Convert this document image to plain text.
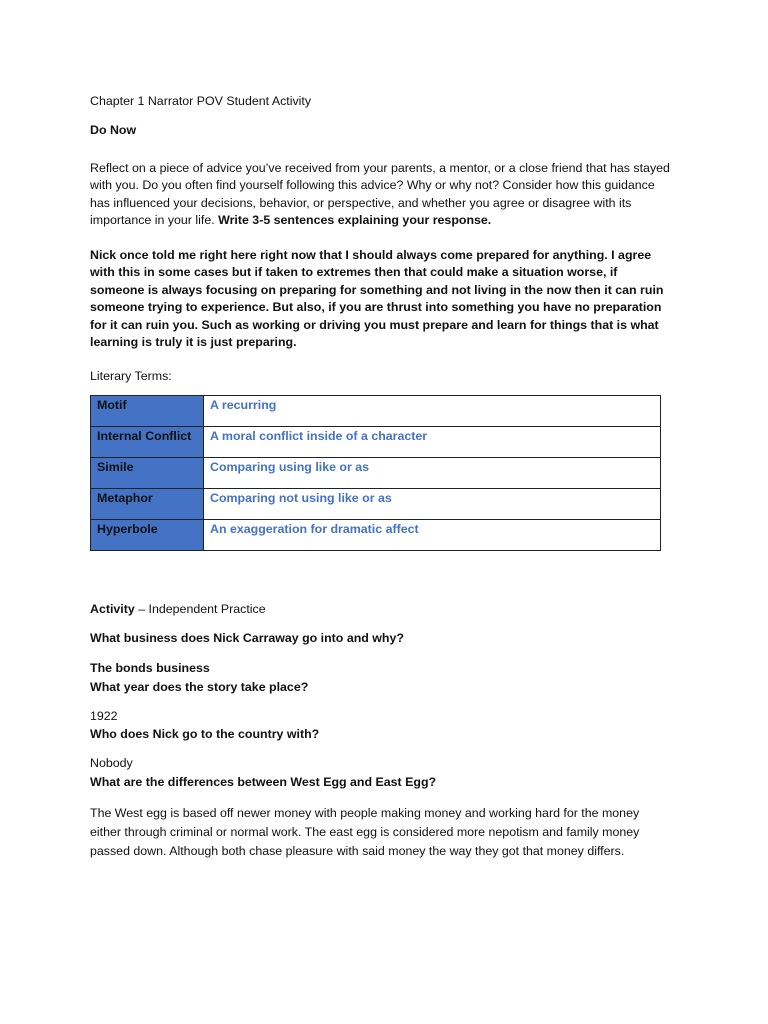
Chapter 1 Narrator POV Student Activity
Do Now
Reflect on a piece of advice you’ve received from your parents, a mentor, or a close friend that has stayed with you. Do you often find yourself following this advice? Why or why not? Consider how this guidance has influenced your decisions, behavior, or perspective, and whether you agree or disagree with its importance in your life. Write 3-5 sentences explaining your response.
Nick once told me right here right now that I should always come prepared for anything. I agree with this in some cases but if taken to extremes then that could make a situation worse, if someone is always focusing on preparing for something and not living in the now then it can ruin someone trying to experience. But also, if you are thrust into something you have no preparation for it can ruin you. Such as working or driving you must prepare and learn for things that is what learning is truly it is just preparing.
Literary Terms:
Motif	A recurring
Internal Conflict	A moral conflict inside of a character
Simile	Comparing using like or as
Metaphor	Comparing not using like or as
Hyperbole	An exaggeration for dramatic affect
Activity – Independent Practice
What business does Nick Carraway go into and why?
The bonds business
What year does the story take place?
1922
Who does Nick go to the country with?
Nobody
What are the differences between West Egg and East Egg?
The West egg is based off newer money with people making money and working hard for the money either through criminal or normal work. The east egg is considered more nepotism and family money passed down. Although both chase pleasure with said money the way they got that money differs.
